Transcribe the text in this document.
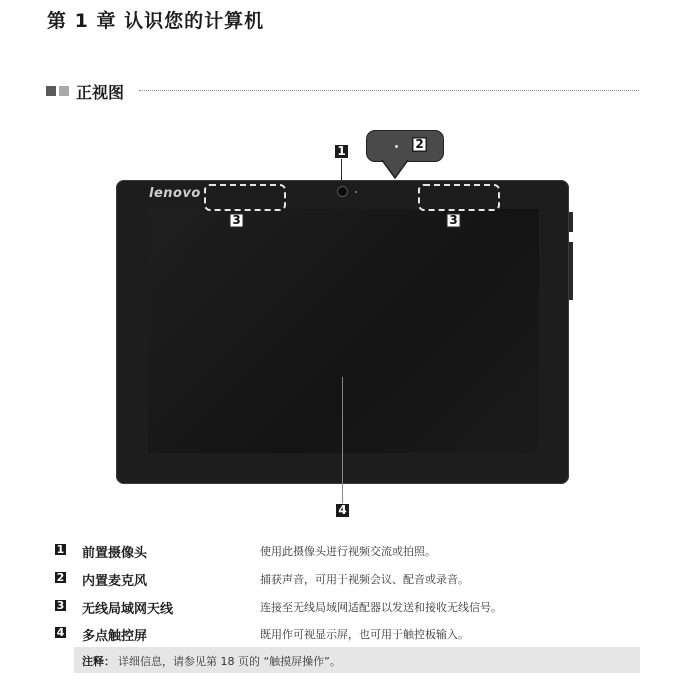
第 1 章 认识您的计算机
正视图
1	2
lenovo
3	3
4
1 前置摄像头	使用此摄像头进行视频交流或拍照。
2 内置麦克风	捕获声音，可用于视频会议、配音或录音。
3 无线局域网天线	连接至无线局域网适配器以发送和接收无线信号。
4 多点触控屏	既用作可视显示屏，也可用于触控板输入。
注释： 详细信息，请参见第 18 页的 “触摸屏操作”。
